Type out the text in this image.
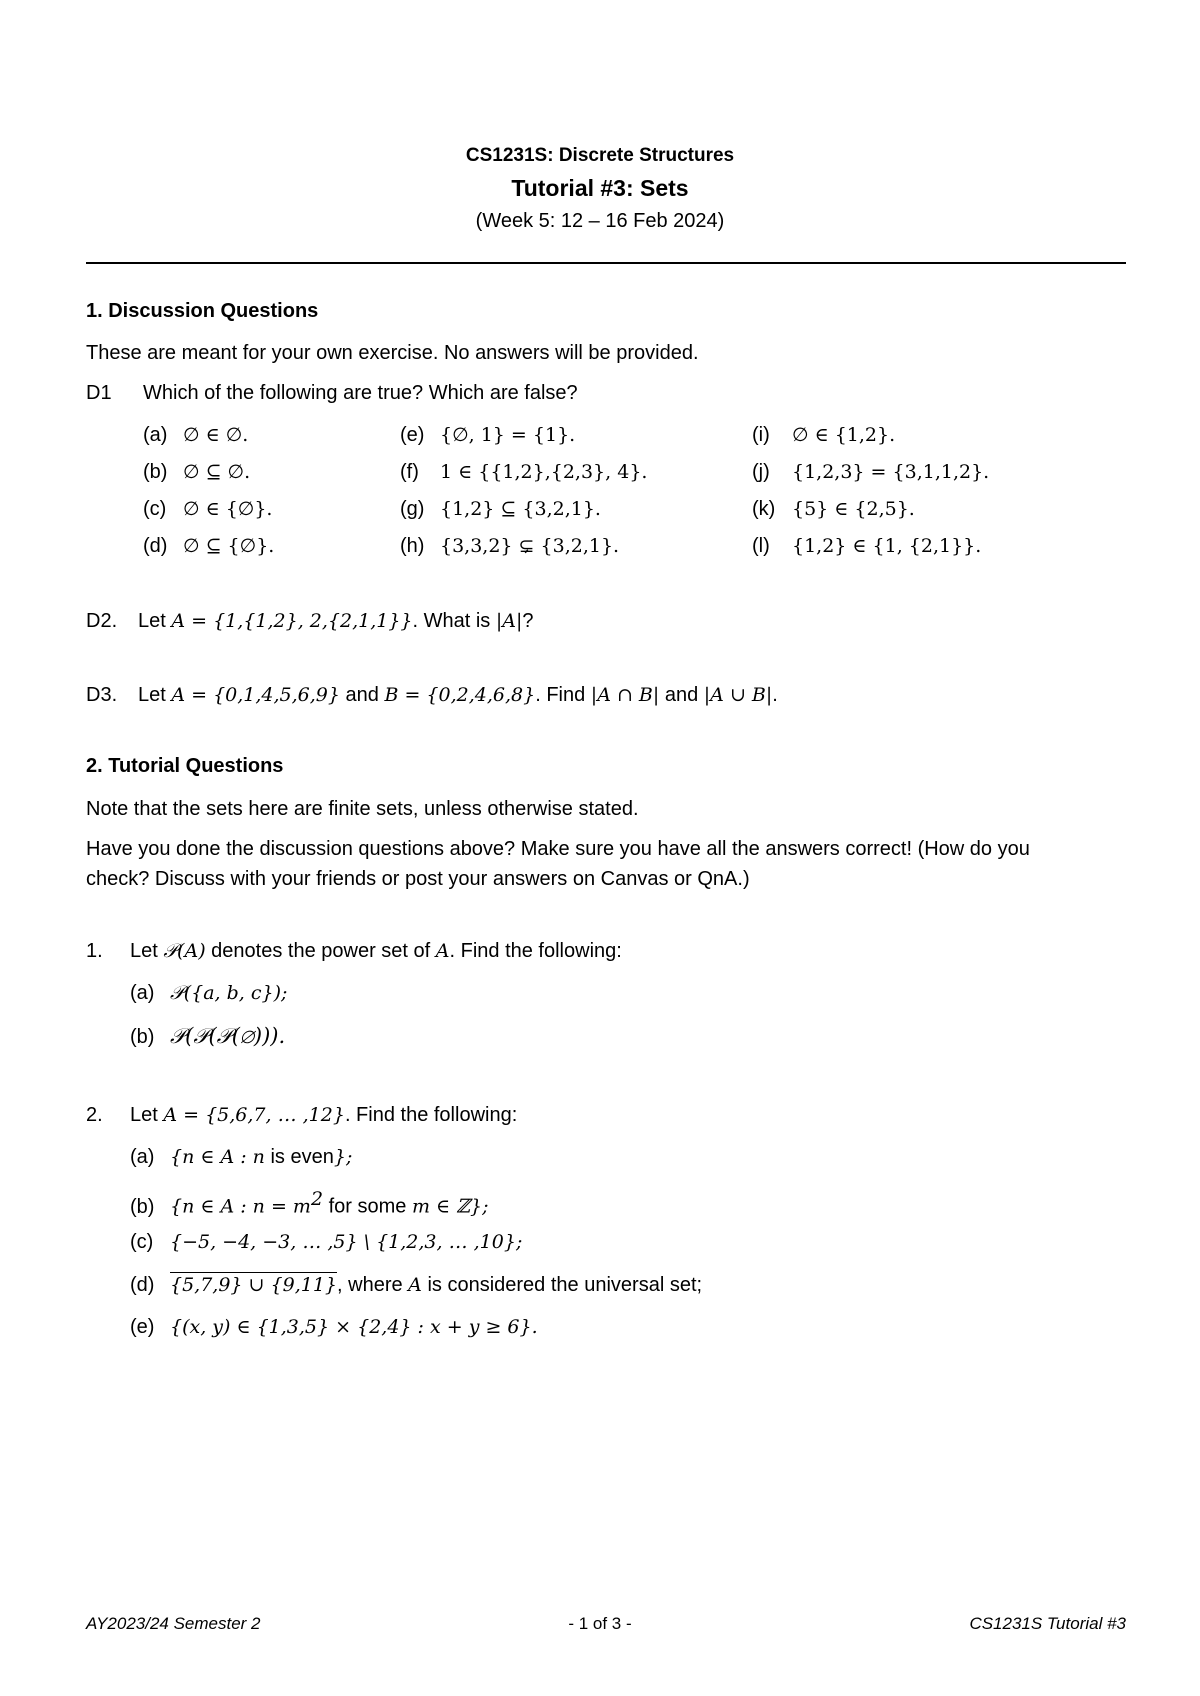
CS1231S: Discrete Structures
Tutorial #3: Sets
(Week 5: 12 – 16 Feb 2024)
1. Discussion Questions
These are meant for your own exercise. No answers will be provided.
D1 Which of the following are true? Which are false?
(a) ∅ ∈ ∅.
(b) ∅ ⊆ ∅.
(c) ∅ ∈ {∅}.
(d) ∅ ⊆ {∅}.
(e) {∅, 1} = {1}.
(f) 1 ∈ {{1,2},{2,3}, 4}.
(g) {1,2} ⊆ {3,2,1}.
(h) {3,3,2} ⊊ {3,2,1}.
(i) ∅ ∈ {1,2}.
(j) {1,2,3} = {3,1,1,2}.
(k) {5} ∈ {2,5}.
(l) {1,2} ∈ {1, {2,1}}.
D2. Let A = {1,{1,2}, 2,{2,1,1}}. What is |A|?
D3. Let A = {0,1,4,5,6,9} and B = {0,2,4,6,8}. Find |A ∩ B| and |A ∪ B|.
2. Tutorial Questions
Note that the sets here are finite sets, unless otherwise stated.
Have you done the discussion questions above? Make sure you have all the answers correct! (How do you
check? Discuss with your friends or post your answers on Canvas or QnA.)
1. Let 𝒫(A) denotes the power set of A. Find the following:
(a) 𝒫({a, b, c});
(b) 𝒫(𝒫(𝒫(∅))).
2. Let A = {5,6,7, … ,12}. Find the following:
(a) {n ∈ A : n is even};
(b) {n ∈ A : $n = m^2$ for some m ∈ ℤ};
(c) {−5, −4, −3, … ,5} \ {1,2,3, … ,10};
(d) {5,7,9} ∪ {9,11}, where A is considered the universal set;
(e) {(x, y) ∈ {1,3,5} × {2,4} : x + y ≥ 6}.
AY2023/24 Semester 2	- 1 of 3 -	CS1231S Tutorial #3
